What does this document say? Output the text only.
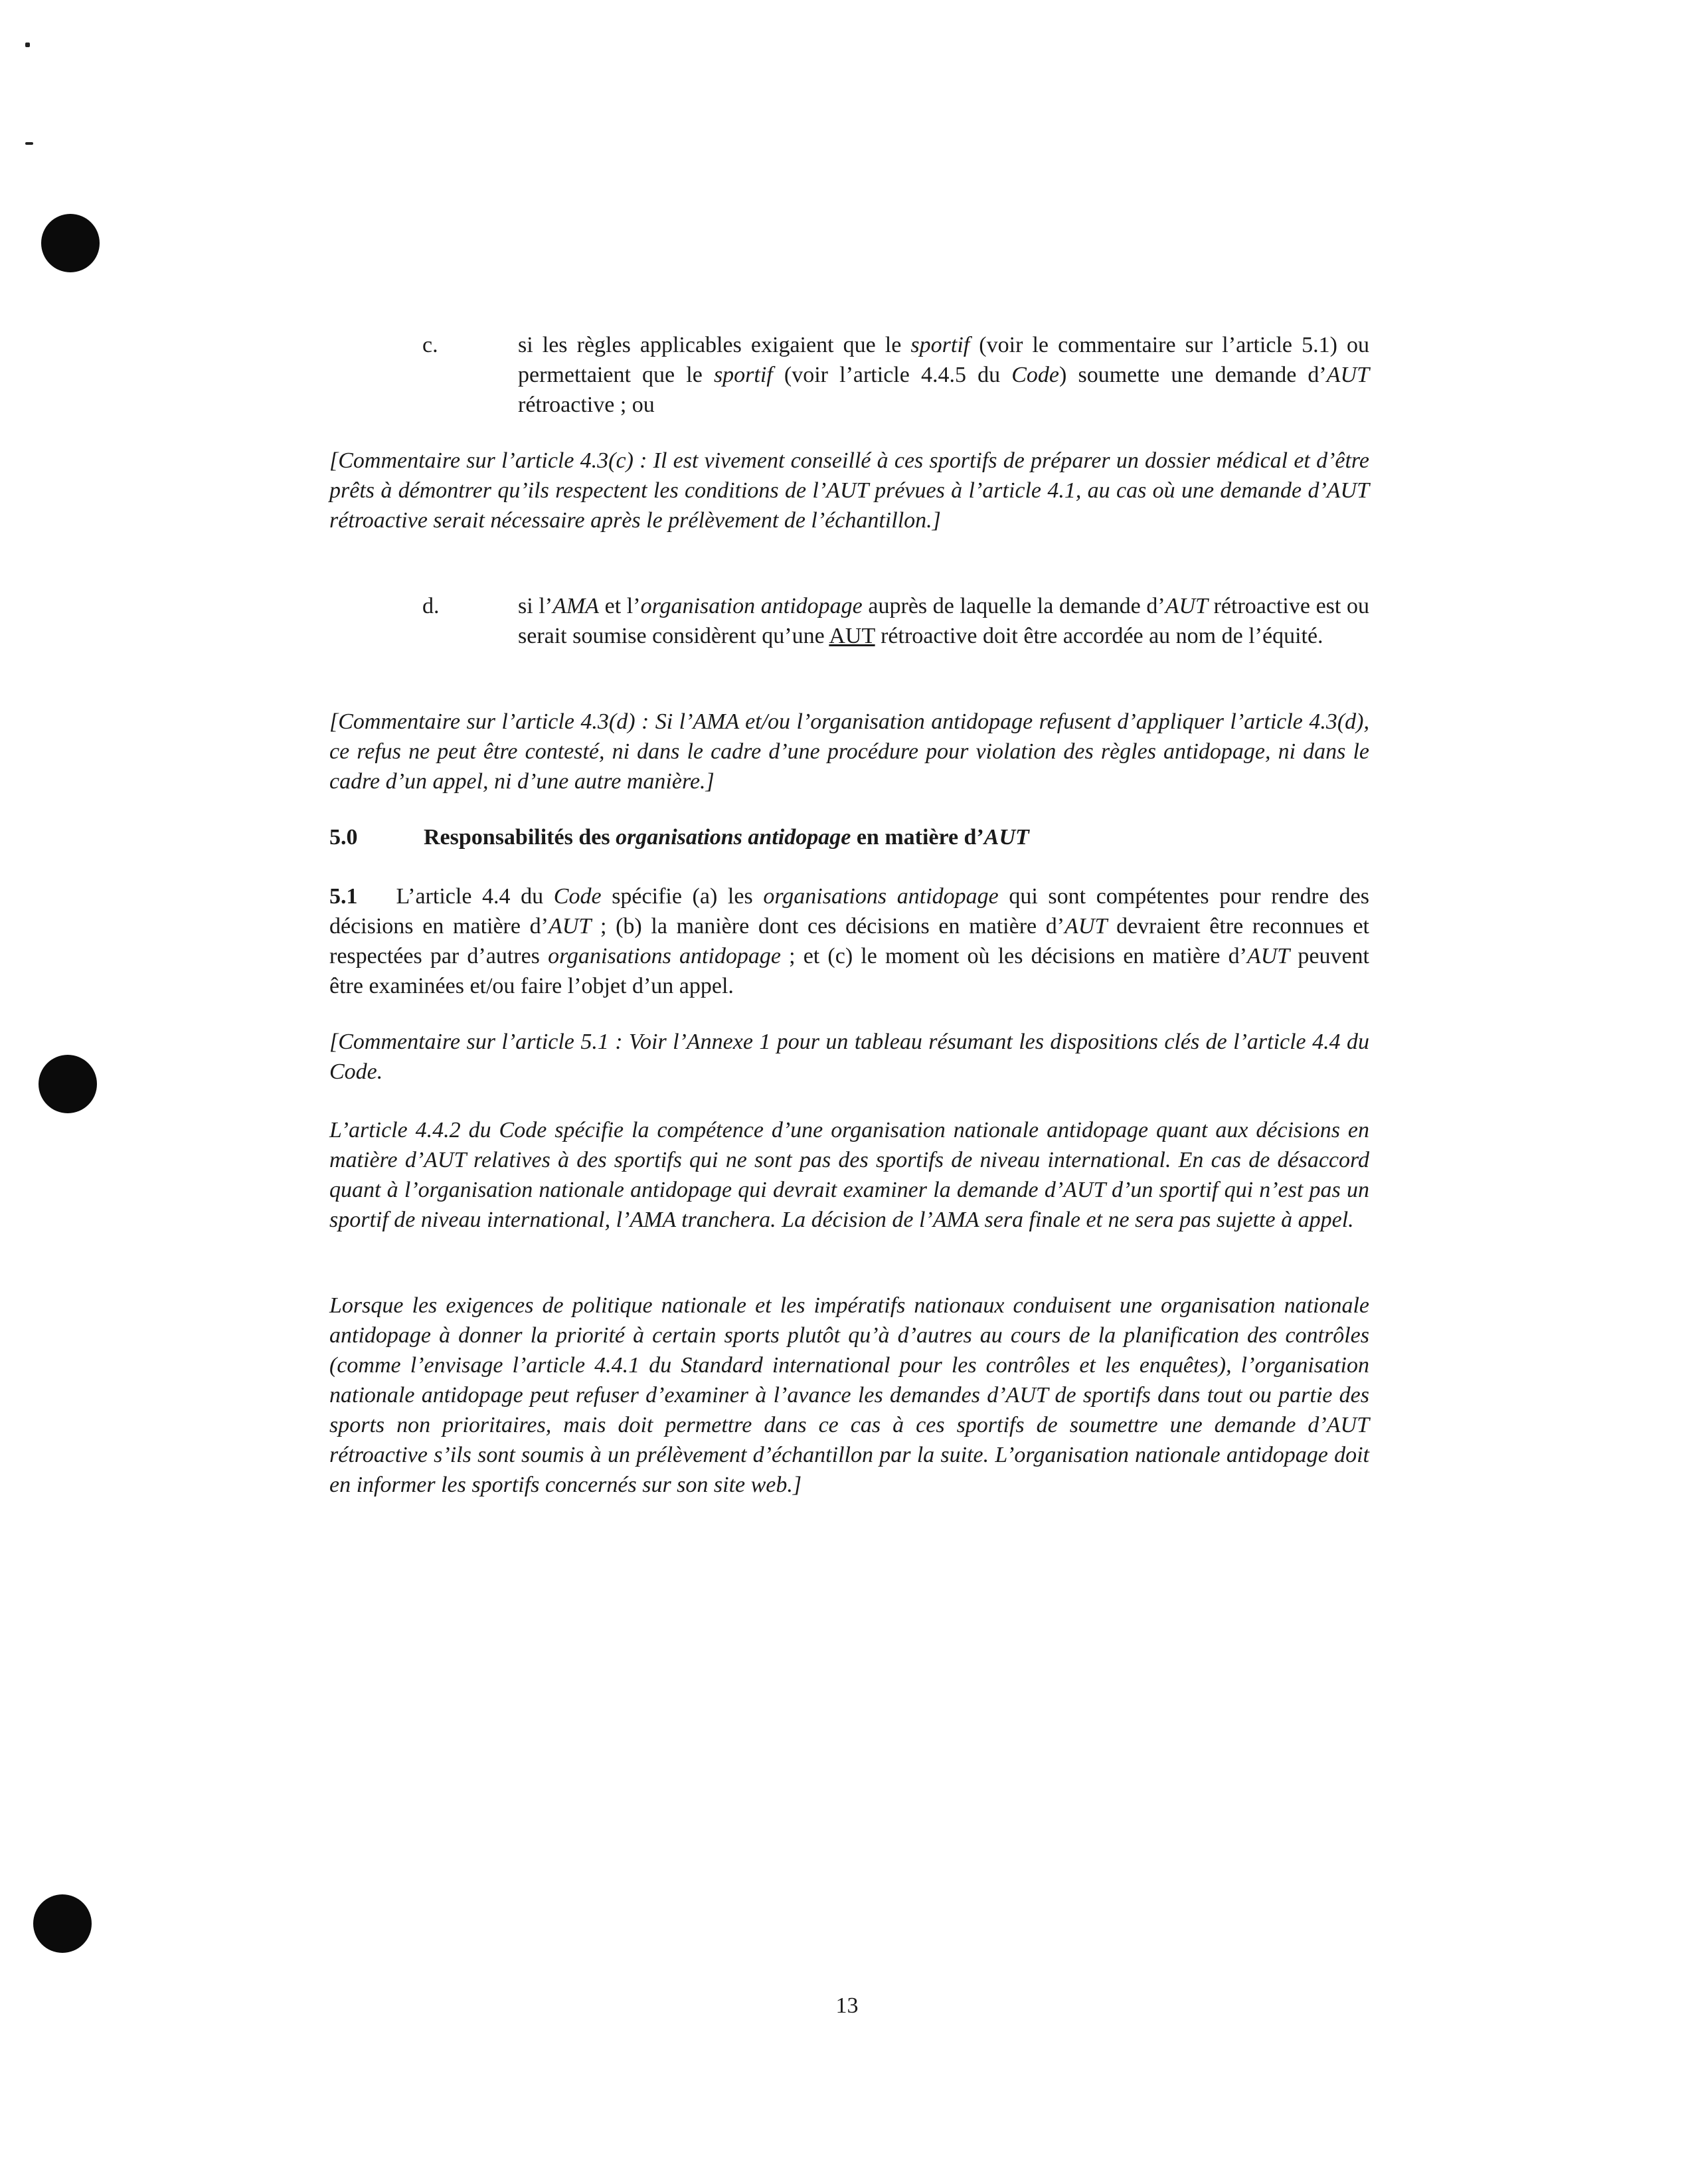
c.	si les règles applicables exigaient que le sportif (voir le commentaire sur l’article 5.1) ou permettaient que le sportif (voir l’article 4.4.5 du Code) soumette une demande d’AUT rétroactive ; ou
[Commentaire sur l’article 4.3(c) : Il est vivement conseillé à ces sportifs de préparer un dossier médical et d’être prêts à démontrer qu’ils respectent les conditions de l’AUT prévues à l’article 4.1, au cas où une demande d’AUT rétroactive serait nécessaire après le prélèvement de l’échantillon.]
d.	si l’AMA et l’organisation antidopage auprès de laquelle la demande d’AUT rétroactive est ou serait soumise considèrent qu’une AUT rétroactive doit être accordée au nom de l’équité.
[Commentaire sur l’article 4.3(d) : Si l’AMA et/ou l’organisation antidopage refusent d’appliquer l’article 4.3(d), ce refus ne peut être contesté, ni dans le cadre d’une procédure pour violation des règles antidopage, ni dans le cadre d’un appel, ni d’une autre manière.]
5.0	Responsabilités des organisations antidopage en matière d’AUT
5.1 L’article 4.4 du Code spécifie (a) les organisations antidopage qui sont compétentes pour rendre des décisions en matière d’AUT ; (b) la manière dont ces décisions en matière d’AUT devraient être reconnues et respectées par d’autres organisations antidopage ; et (c) le moment où les décisions en matière d’AUT peuvent être examinées et/ou faire l’objet d’un appel.
[Commentaire sur l’article 5.1 : Voir l’Annexe 1 pour un tableau résumant les dispositions clés de l’article 4.4 du Code.
L’article 4.4.2 du Code spécifie la compétence d’une organisation nationale antidopage quant aux décisions en matière d’AUT relatives à des sportifs qui ne sont pas des sportifs de niveau international. En cas de désaccord quant à l’organisation nationale antidopage qui devrait examiner la demande d’AUT d’un sportif qui n’est pas un sportif de niveau international, l’AMA tranchera. La décision de l’AMA sera finale et ne sera pas sujette à appel.
Lorsque les exigences de politique nationale et les impératifs nationaux conduisent une organisation nationale antidopage à donner la priorité à certain sports plutôt qu’à d’autres au cours de la planification des contrôles (comme l’envisage l’article 4.4.1 du Standard international pour les contrôles et les enquêtes), l’organisation nationale antidopage peut refuser d’examiner à l’avance les demandes d’AUT de sportifs dans tout ou partie des sports non prioritaires, mais doit permettre dans ce cas à ces sportifs de soumettre une demande d’AUT rétroactive s’ils sont soumis à un prélèvement d’échantillon par la suite. L’organisation nationale antidopage doit en informer les sportifs concernés sur son site web.]
13
